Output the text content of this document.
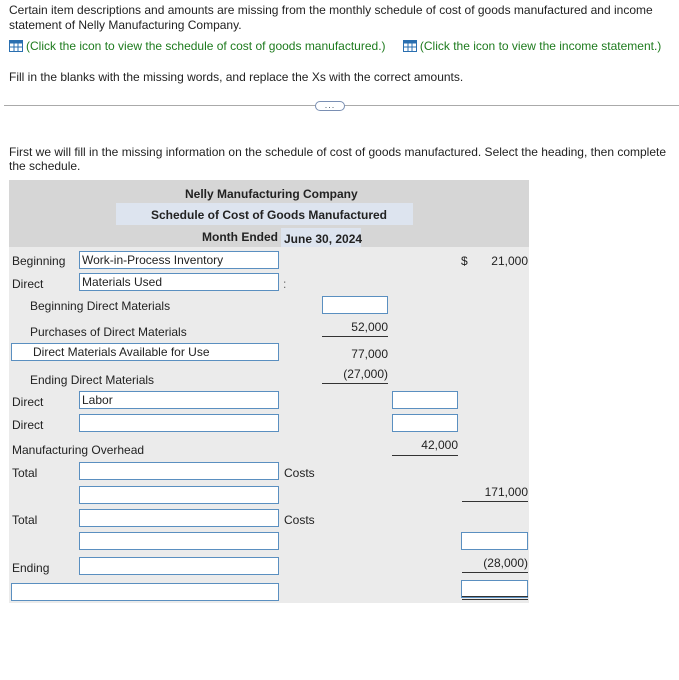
Certain item descriptions and amounts are missing from the monthly schedule of cost of goods manufactured and income statement of Nelly Manufacturing Company.
(Click the icon to view the schedule of cost of goods manufactured.)	(Click the icon to view the income statement.)
Fill in the blanks with the missing words, and replace the Xs with the correct amounts.
...
First we will fill in the missing information on the schedule of cost of goods manufactured. Select the heading, then complete the schedule.
Nelly Manufacturing Company
Schedule of Cost of Goods Manufactured
Month Ended June 30, 2024
Beginning Work-in-Process Inventory	$	21,000
Direct	Materials Used	:
Beginning Direct Materials
Purchases of Direct Materials	52,000
Direct Materials Available for Use	77,000
Ending Direct Materials	(27,000)
Direct	Labor
Direct
Manufacturing Overhead	42,000
Total	Costs
171,000
Total	Costs
Ending	(28,000)
